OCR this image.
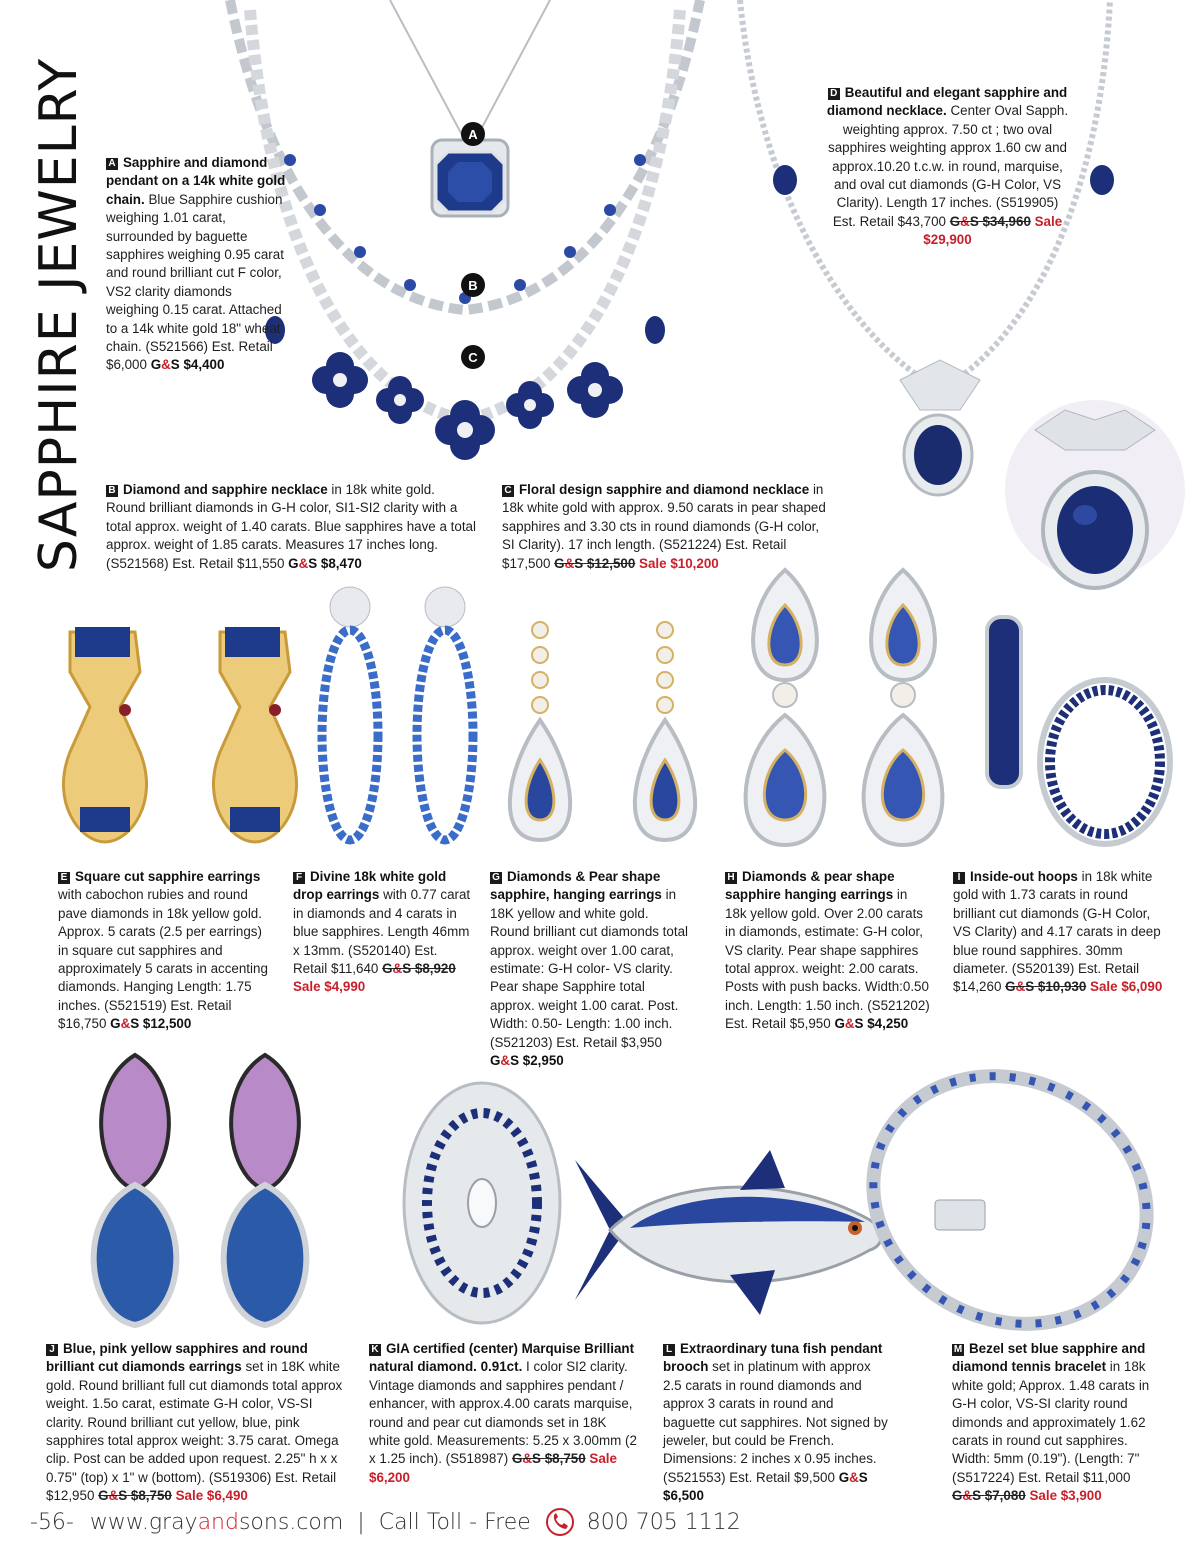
SAPPHIRE JEWELRY	A
B
C
A Sapphire and diamond pendant on a 14k white gold chain. Blue Sapphire cushion weighing 1.01 carat, surrounded by baguette sapphires weighing 0.95 carat and round brilliant cut F color, VS2 clarity diamonds weighing 0.15 carat. Attached to a 14k white gold 18" wheat chain. (S521566) Est. Retail $6,000 G&S $4,400
B Diamond and sapphire necklace in 18k white gold. Round brilliant diamonds in G-H color, SI1-SI2 clarity with a total approx. weight of 1.40 carats. Blue sapphires have a total approx. weight of 1.85 carats. Measures 17 inches long. (S521568) Est. Retail $11,550 G&S $8,470
C Floral design sapphire and diamond necklace in 18k white gold with approx. 9.50 carats in pear shaped sapphires and 3.30 cts in round diamonds (G-H color, SI Clarity). 17 inch length. (S521224) Est. Retail $17,500 G&S $12,500 Sale $10,200
D Beautiful and elegant sapphire and diamond necklace. Center Oval Sapph. weighting approx. 7.50 ct ; two oval sapphires weighting approx 1.60 cw and approx.10.20 t.c.w. in round, marquise, and oval cut diamonds (G-H Color, VS Clarity). Length 17 inches. (S519905) Est. Retail $43,700 G&S $34,960 Sale $29,900
E Square cut sapphire earrings with cabochon rubies and round pave diamonds in 18k yellow gold. Approx. 5 carats (2.5 per earrings) in square cut sapphires and approximately 5 carats in accenting diamonds. Hanging Length: 1.75 inches. (S521519) Est. Retail $16,750 G&S $12,500
F Divine 18k white gold drop earrings with 0.77 carat in diamonds and 4 carats in blue sapphires. Length 46mm x 13mm. (S520140) Est. Retail $11,640 G&S $8,920 Sale $4,990
G Diamonds & Pear shape sapphire, hanging earrings in 18K yellow and white gold. Round brilliant cut diamonds total approx. weight over 1.00 carat, estimate: G-H color- VS clarity. Pear shape Sapphire total approx. weight 1.00 carat. Post. Width: 0.50- Length: 1.00 inch. (S521203) Est. Retail $3,950 G&S $2,950
H Diamonds & pear shape sapphire hanging earrings in 18k yellow gold. Over 2.00 carats in diamonds, estimate: G-H color, VS clarity. Pear shape sapphires total approx. weight: 2.00 carats. Posts with push backs. Width:0.50 inch. Length: 1.50 inch. (S521202) Est. Retail $5,950 G&S $4,250
I Inside-out hoops in 18k white gold with 1.73 carats in round brilliant cut diamonds (G-H Color, VS Clarity) and 4.17 carats in deep blue round sapphires. 30mm diameter. (S520139) Est. Retail $14,260 G&S $10,930 Sale $6,090
J Blue, pink yellow sapphires and round brilliant cut diamonds earrings set in 18K white gold. Round brilliant full cut diamonds total approx weight. 1.5o carat, estimate G-H color, VS-SI clarity. Round brilliant cut yellow, blue, pink sapphires total approx weight: 3.75 carat. Omega clip. Post can be added upon request. 2.25" h x x 0.75" (top) x 1" w (bottom). (S519306) Est. Retail $12,950 G&S $8,750 Sale $6,490
K GIA certified (center) Marquise Brilliant natural diamond. 0.91ct. I color SI2 clarity. Vintage diamonds and sapphires pendant / enhancer, with approx.4.00 carats marquise, round and pear cut diamonds set in 18K white gold. Measurements: 5.25 x 3.00mm (2 x 1.25 inch). (S518987) G&S $8,750 Sale $6,200
L Extraordinary tuna fish pendant brooch set in platinum with approx 2.5 carats in round diamonds and approx 3 carats in round and baguette cut sapphires. Not signed by jeweler, but could be French. Dimensions: 2 inches x 0.95 inches. (S521553) Est. Retail $9,500 G&S $6,500
M Bezel set blue sapphire and diamond tennis bracelet in 18k white gold; Approx. 1.48 carats in G-H color, VS-SI clarity round dimonds and approximately 1.62 carats in round cut sapphires. Width: 5mm (0.19"). (Length: 7" (S517224) Est. Retail $11,000 G&S $7,080 Sale $3,900
-56- www.grayandsons.com | Call Toll - Free	800 705 1112
